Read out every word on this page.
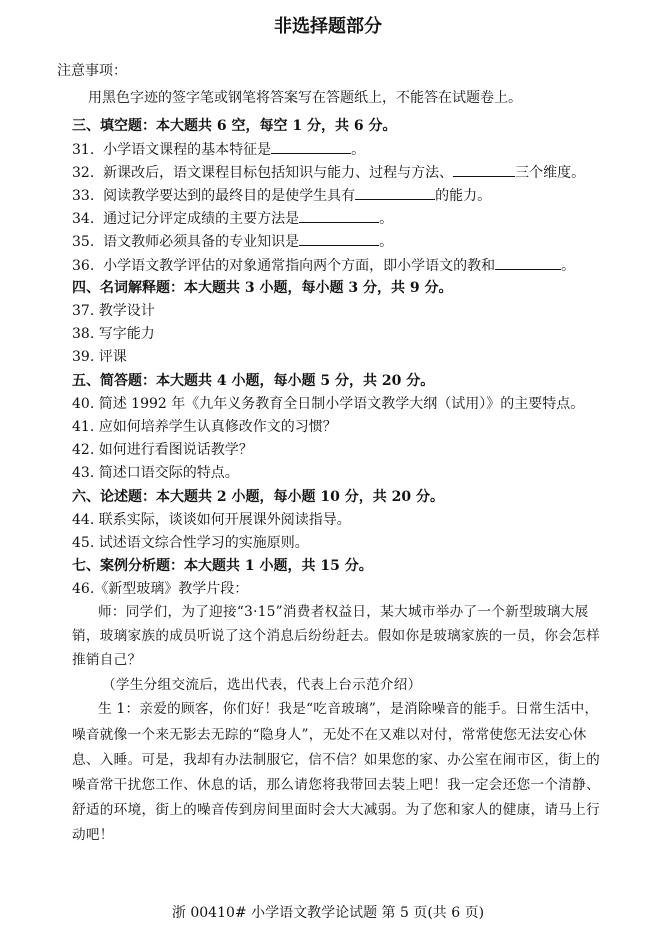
非选择题部分
注意事项：
用黑色字迹的签字笔或钢笔将答案写在答题纸上，不能答在试题卷上。
三、填空题：本大题共 6 空，每空 1 分，共 6 分。
31. 小学语文课程的基本特征是	。
32. 新课改后，语文课程目标包括知识与能力、过程与方法、	三个维度。
33. 阅读教学要达到的最终目的是使学生具有	的能力。
34. 通过记分评定成绩的主要方法是	。
35. 语文教师必须具备的专业知识是	。
36. 小学语文教学评估的对象通常指向两个方面，即小学语文的教和	。
四、名词解释题：本大题共 3 小题，每小题 3 分，共 9 分。
37. 教学设计
38. 写字能力
39. 评课
五、简答题：本大题共 4 小题，每小题 5 分，共 20 分。
40. 简述 1992 年《九年义务教育全日制小学语文教学大纲（试用）》的主要特点。
41. 应如何培养学生认真修改作文的习惯？
42. 如何进行看图说话教学？
43. 简述口语交际的特点。
六、论述题：本大题共 2 小题，每小题 10 分，共 20 分。
44. 联系实际，谈谈如何开展课外阅读指导。
45. 试述语文综合性学习的实施原则。
七、案例分析题：本大题共 1 小题，共 15 分。
46.《新型玻璃》教学片段：
师：同学们，为了迎接“3·15”消费者权益日，某大城市举办了一个新型玻璃大展
销，玻璃家族的成员听说了这个消息后纷纷赶去。假如你是玻璃家族的一员，你会怎样
推销自己？
（学生分组交流后，选出代表，代表上台示范介绍）
生 1：亲爱的顾客，你们好！我是“吃音玻璃”，是消除噪音的能手。日常生活中，
噪音就像一个来无影去无踪的“隐身人”，无处不在又难以对付，常常使您无法安心休
息、入睡。可是，我却有办法制服它，信不信？如果您的家、办公室在闹市区，街上的
噪音常干扰您工作、休息的话，那么请您将我带回去装上吧！我一定会还您一个清静、
舒适的环境，街上的噪音传到房间里面时会大大减弱。为了您和家人的健康，请马上行
动吧！
浙 00410# 小学语文教学论试题 第 5 页(共 6 页)
